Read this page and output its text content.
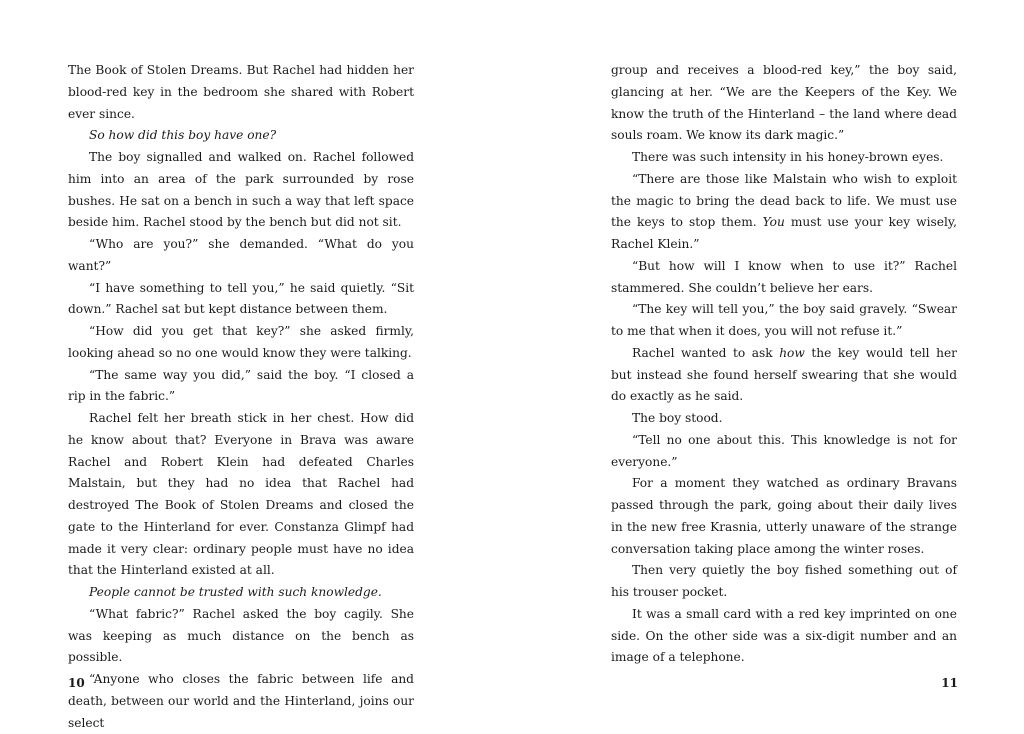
The Book of Stolen Dreams. But Rachel had hidden her blood-red key in the bedroom she shared with Robert ever since.

So how did this boy have one?

The boy signalled and walked on. Rachel followed him into an area of the park surrounded by rose bushes. He sat on a bench in such a way that left space beside him. Rachel stood by the bench but did not sit.

“Who are you?” she demanded. “What do you want?”

“I have something to tell you,” he said quietly. “Sit down.” Rachel sat but kept distance between them.

“How did you get that key?” she asked firmly, looking ahead so no one would know they were talking.

“The same way you did,” said the boy. “I closed a rip in the fabric.”

Rachel felt her breath stick in her chest. How did he know about that? Everyone in Brava was aware Rachel and Robert Klein had defeated Charles Malstain, but they had no idea that Rachel had destroyed The Book of Stolen Dreams and closed the gate to the Hinterland for ever. Constanza Glimpf had made it very clear: ordinary people must have no idea that the Hinterland existed at all.

People cannot be trusted with such knowledge.

“What fabric?” Rachel asked the boy cagily. She was keeping as much distance on the bench as possible.

“Anyone who closes the fabric between life and death, between our world and the Hinterland, joins our select

group and receives a blood-red key,” the boy said, glancing at her. “We are the Keepers of the Key. We know the truth of the Hinterland – the land where dead souls roam. We know its dark magic.”

There was such intensity in his honey-brown eyes.

“There are those like Malstain who wish to exploit the magic to bring the dead back to life. We must use the keys to stop them. You must use your key wisely, Rachel Klein.”

“But how will I know when to use it?” Rachel stammered. She couldn’t believe her ears.

“The key will tell you,” the boy said gravely. “Swear to me that when it does, you will not refuse it.”

Rachel wanted to ask how the key would tell her but instead she found herself swearing that she would do exactly as he said.

The boy stood.

“Tell no one about this. This knowledge is not for everyone.”

For a moment they watched as ordinary Bravans passed through the park, going about their daily lives in the new free Krasnia, utterly unaware of the strange conversation taking place among the winter roses.

Then very quietly the boy fished something out of his trouser pocket.

It was a small card with a red key imprinted on one side. On the other side was a six-digit number and an image of a telephone.

10	11
